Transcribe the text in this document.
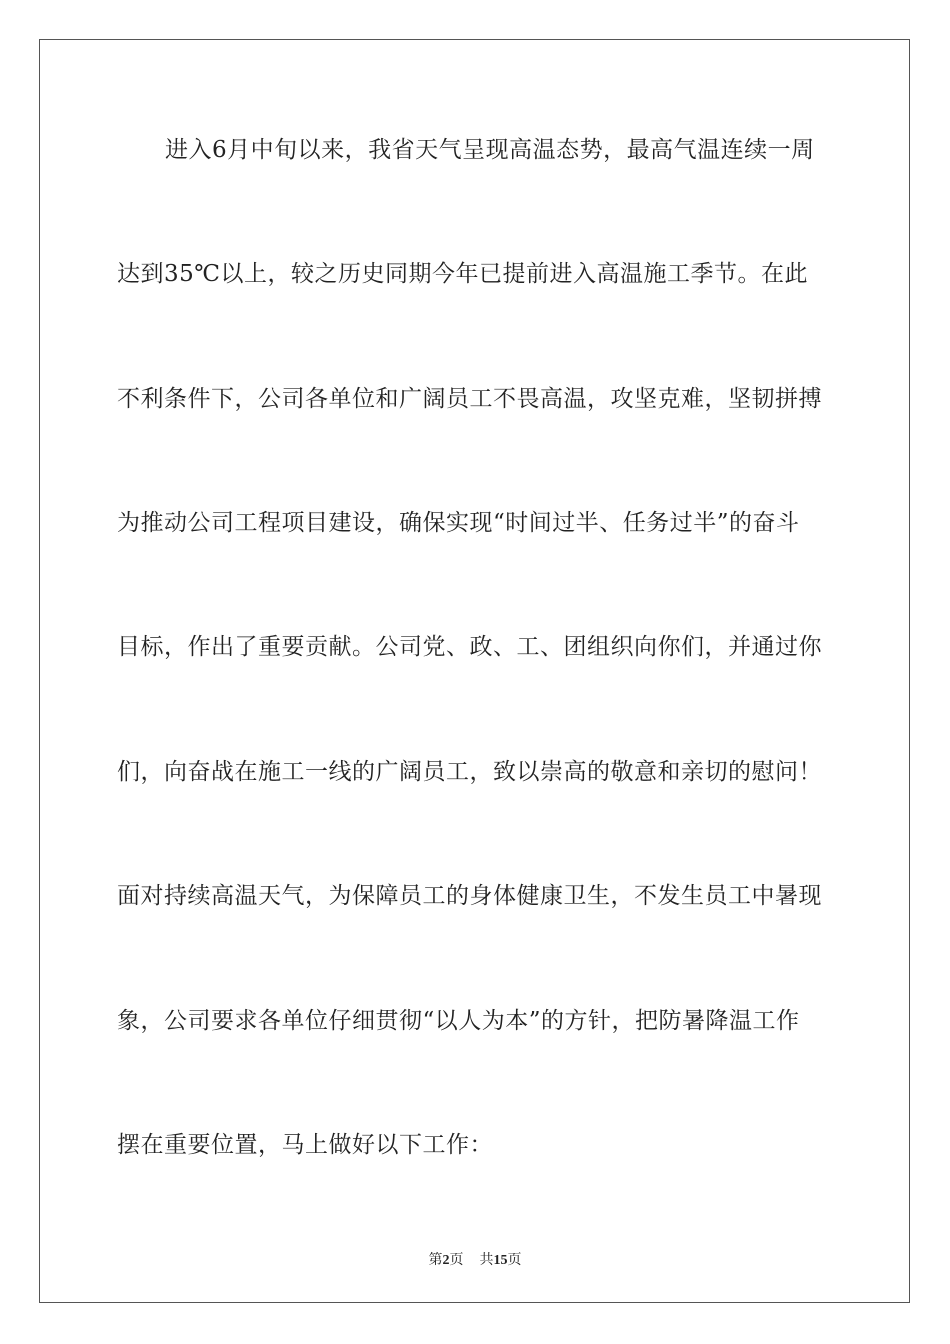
进入6月中旬以来，我省天气呈现高温态势，最高气温连续一周
达到35℃以上，较之历史同期今年已提前进入高温施工季节。在此
不利条件下，公司各单位和广阔员工不畏高温，攻坚克难，坚韧拼搏
为推动公司工程项目建设，确保实现“时间过半、任务过半”的奋斗
目标，作出了重要贡献。公司党、政、工、团组织向你们，并通过你
们，向奋战在施工一线的广阔员工，致以崇高的敬意和亲切的慰问！
面对持续高温天气，为保障员工的身体健康卫生，不发生员工中暑现
象，公司要求各单位仔细贯彻“以人为本”的方针，把防暑降温工作
摆在重要位置，马上做好以下工作：
第2页 共15页
